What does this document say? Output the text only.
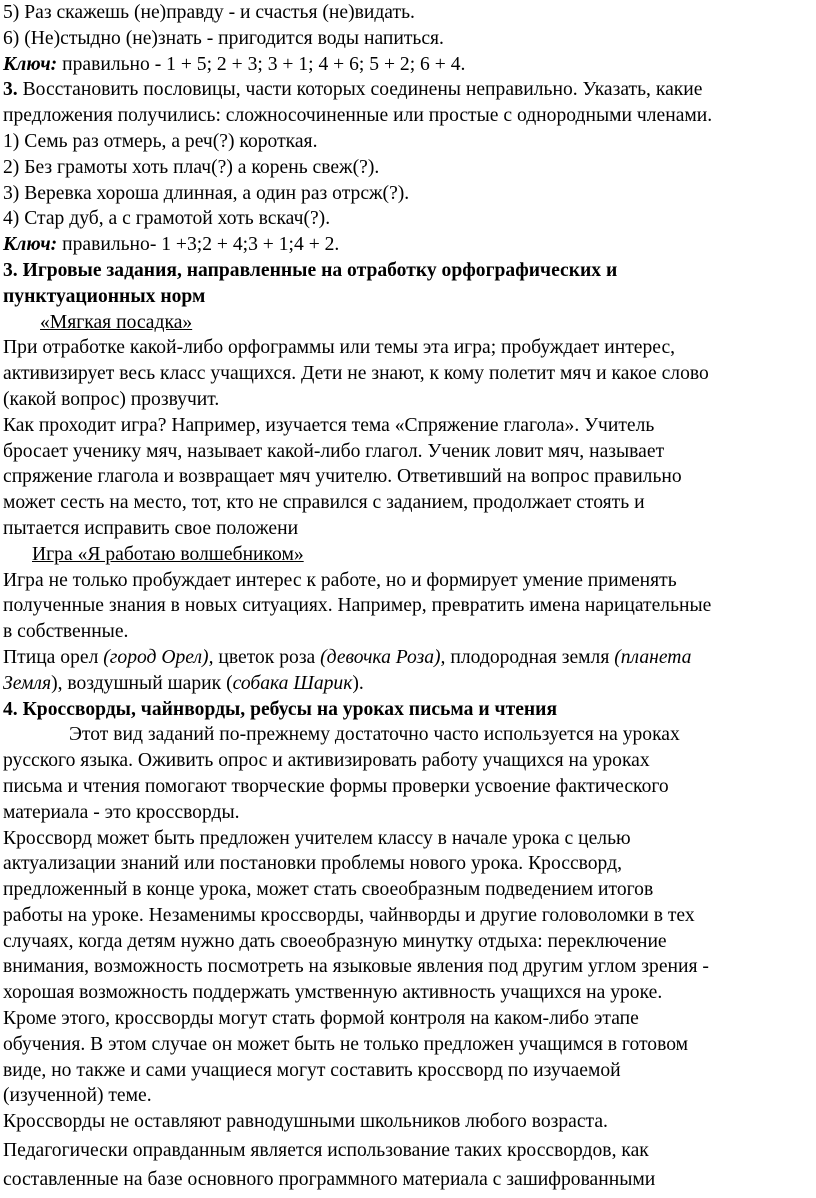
5) Раз скажешь (не)правду - и счастья (не)видать.
6) (Не)стыдно (не)знать - пригодится воды напиться.
Ключ: правильно - 1 + 5; 2 + 3; 3 + 1; 4 + 6; 5 + 2; 6 + 4.
3. Восстановить пословицы, части которых соединены неправильно. Указать, какие
предложения получились: сложносочиненные или простые с однородными членами.
1) Семь раз отмерь, а реч(?) короткая.
2) Без грамоты хоть плач(?) а корень свеж(?).
3) Веревка хороша длинная, а один раз отрсж(?).
4) Стар дуб, а с грамотой хоть вскач(?).
Ключ: правильно- 1 +3;2 + 4;3 + 1;4 + 2.
3. Игровые задания, направленные на отработку орфографических и
пунктуационных норм
«Мягкая посадка»
При отработке какой-либо орфограммы или темы эта игра; пробуждает интерес,
активизирует весь класс учащихся. Дети не знают, к кому полетит мяч и какое слово
(какой вопрос) прозвучит.
Как проходит игра? Например, изучается тема «Спряжение глагола». Учитель
бросает ученику мяч, называет какой-либо глагол. Ученик ловит мяч, называет
спряжение глагола и возвращает мяч учителю. Ответивший на вопрос правильно
может сесть на место, тот, кто не справился с заданием, продолжает стоять и
пытается исправить свое положени
Игра «Я работаю волшебником»
Игра не только пробуждает интерес к работе, но и формирует умение применять
полученные знания в новых ситуациях. Например, превратить имена нарицательные
в собственные.
Птица орел (город Орел), цветок роза (девочка Роза), плодородная земля (планета
Земля), воздушный шарик (собака Шарик).
4. Кроссворды, чайнворды, ребусы на уроках письма и чтения
Этот вид заданий по-прежнему достаточно часто используется на уроках
русского языка. Оживить опрос и активизировать работу учащихся на уроках
письма и чтения помогают творческие формы проверки усвоение фактического
материала - это кроссворды.
Кроссворд может быть предложен учителем классу в начале урока с целью
актуализации знаний или постановки проблемы нового урока. Кроссворд,
предложенный в конце урока, может стать своеобразным подведением итогов
работы на уроке. Незаменимы кроссворды, чайнворды и другие головоломки в тех
случаях, когда детям нужно дать своеобразную минутку отдыха: переключение
внимания, возможность посмотреть на языковые явления под другим углом зрения -
хорошая возможность поддержать умственную активность учащихся на уроке.
Кроме этого, кроссворды могут стать формой контроля на каком-либо этапе
обучения. В этом случае он может быть не только предложен учащимся в готовом
виде, но также и сами учащиеся могут составить кроссворд по изучаемой
(изученной) теме.
Кроссворды не оставляют равнодушными школьников любого возраста.
Педагогически оправданным является использование таких кроссвордов, как
составленные на базе основного программного материала с зашифрованными
